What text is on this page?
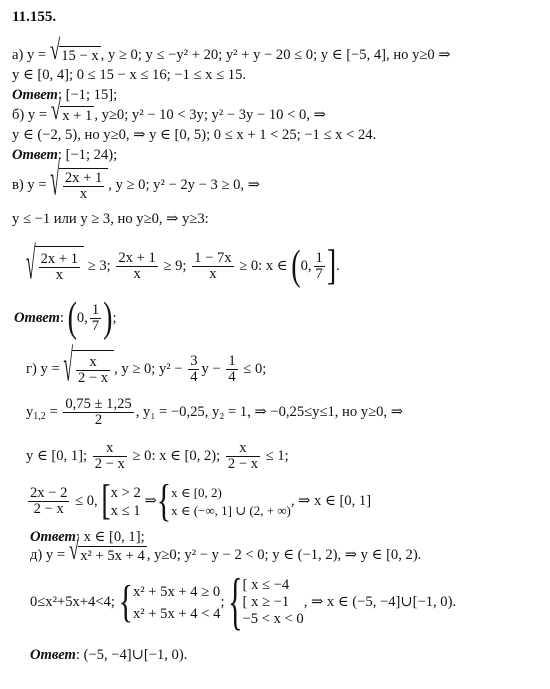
11.155.
а) y = √ 15 − x , y ≥ 0; y ≤ −y² + 20; y² + y − 20 ≤ 0; y ∈ [−5, 4], но y≥0 ⇒
y ∈ [0, 4]; 0 ≤ 15 − x ≤ 16; −1 ≤ x ≤ 15.
Ответ: [−1; 15];
б) y = √ x + 1 , y≥0; y² − 10 < 3y; y² − 3y − 10 < 0, ⇒
y ∈ (−2, 5), но y≥0, ⇒ y ∈ [0, 5); 0 ≤ x + 1 < 25; −1 ≤ x < 24.
Ответ: [−1; 24);
в) y = √ $\frac{2x + 1}{x}$ , y ≥ 0; y² − 2y − 3 ≥ 0, ⇒
y ≤ −1 или y ≥ 3, но y≥0, ⇒ y≥3:
√ $\frac{2x + 1}{x} \ge 3$; $\frac{2x + 1}{x} \ge 9$; $\frac{1 - 7x}{x} \ge 0$: x ∈ (0, $\frac{1}{7}$ ].
Ответ: (0, $\frac{1}{7}$ );
г) y = √ $\frac{x}{2 - x}$ , y ≥ 0; $y^2 - \frac{3}{4}$ $y - \frac{1}{4} \le 0$;
$y_{1,2} = \frac{0,75 \pm 1,25}{2}$ , y₁ = −0,25, y₂ = 1, ⇒ −0,25≤y≤1, но y≥0, ⇒
y ∈ [0, 1]; $\frac{x}{2 - x} \ge 0$: x ∈ [0, 2); $\frac{x}{2 - x} \le 1$;
$\frac{2x - 2}{2 - x} \le 0$, [ x > 2
x ≤ 1
⇒{ x ∈ [0, 2)
x ∈ (−∞, 1] ∪ (2, + ∞)
, ⇒ x ∈ [0, 1]
Ответ: x ∈ [0, 1];
д) y = √ x² + 5x + 4 , y≥0; y² − y − 2 < 0; y ∈ (−1, 2), ⇒ y ∈ [0, 2).
0≤x²+5x+4<4; { x² + 5x + 4 ≥ 0
x² + 5x + 4 < 4
; { [ x ≤ −4
[ x ≥ −1
−5 < x < 0
, ⇒ x ∈ (−5, −4]∪[−1, 0).
Ответ: (−5, −4]∪[−1, 0).
